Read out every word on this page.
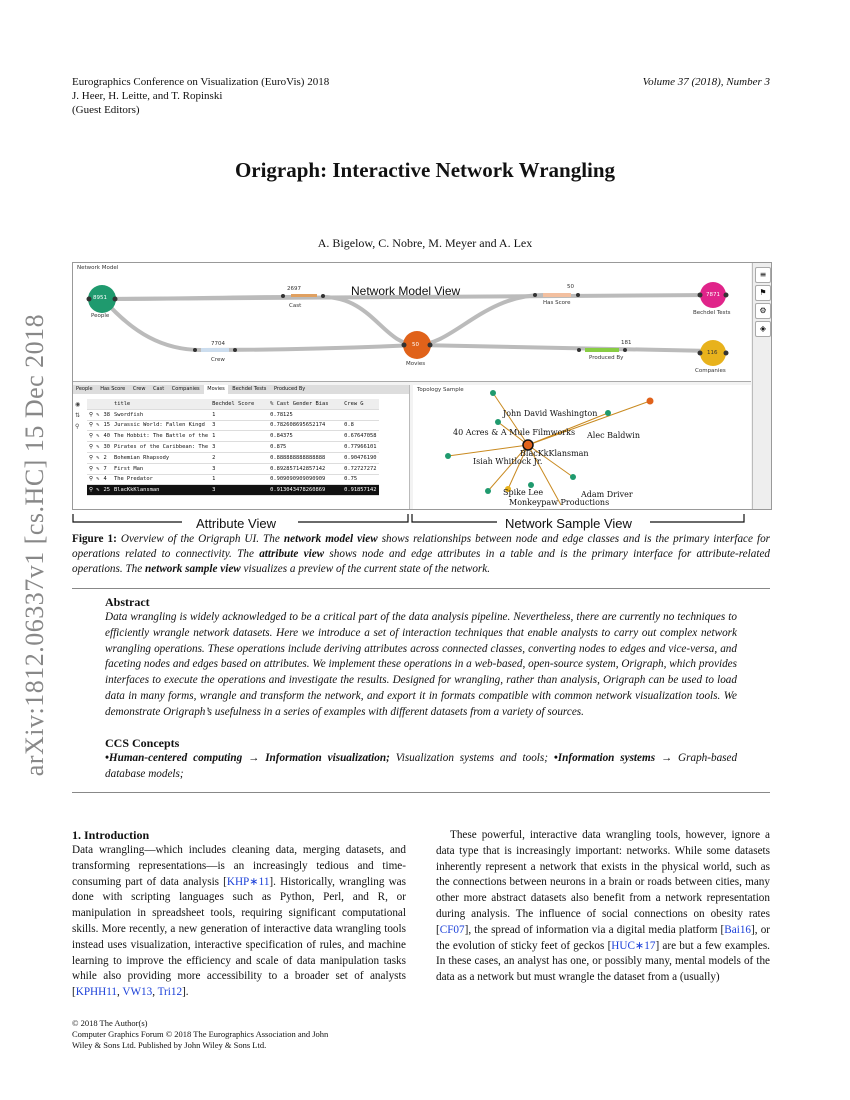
Eurographics Conference on Visualization (EuroVis) 2018
J. Heer, H. Leitte, and T. Ropinski
(Guest Editors)
Volume 37 (2018), Number 3
arXiv:1812.06337v1 [cs.HC] 15 Dec 2018
Origraph: Interactive Network Wrangling
A. Bigelow, C. Nobre, M. Meyer and A. Lex
Network Model
Network Model View
8951
People
7871
Bechdel Tests
50
Movies
116
Companies
2697
Cast
50
Has Score
7704
Crew
181
Produced By
≡
⚑
⚙
◈
People Has Score Crew Cast Companies Movies Bechdel Tests Produced By
◉
⇅
⚲
		title	Bechdel Score	% Cast Gender Bias	Crew G
⚲ ✎	38	Swordfish	1	0.78125	
⚲ ✎	15	Jurassic World: Fallen Kingd	3	0.782608695652174	0.8
⚲ ✎	40	The Hobbit: The Battle of the	1	0.84375	0.67647058
⚲ ✎	30	Pirates of the Caribbean: The	3	0.875	0.77966101
⚲ ✎	2	Bohemian Rhapsody	2	0.888888888888888	0.90476190
⚲ ✎	7	First Man	3	0.892857142857142	0.72727272
⚲ ✎	4	The Predator	1	0.909090909090909	0.75
⚲ ✎	25	BlacKkKlansman	3	0.913043478260869	0.91857142
Topology Sample
John David Washington
40 Acres & A Mule Filmworks Alec Baldwin
BlacKkKlansman
Isiah Whitlock Jr.
Spike Lee	Adam Driver
Monkeypaw Productions
Attribute View	Network Sample View
Figure 1: Overview of the Origraph UI. The network model view shows relationships between node and edge classes and is the primary interface for operations related to connectivity. The attribute view shows node and edge attributes in a table and is the primary interface for attribute-related operations. The network sample view visualizes a preview of the current state of the network.
Abstract
Data wrangling is widely acknowledged to be a critical part of the data analysis pipeline. Nevertheless, there are currently no techniques to efficiently wrangle network datasets. Here we introduce a set of interaction techniques that enable analysts to carry out complex network wrangling operations. These operations include deriving attributes across connected classes, converting nodes to edges and vice-versa, and faceting nodes and edges based on attributes. We implement these operations in a web-based, open-source system, Origraph, which provides interfaces to execute the operations and investigate the results. Designed for wrangling, rather than analysis, Origraph can be used to load data in many forms, wrangle and transform the network, and export it in formats compatible with common network visualization tools. We demonstrate Origraph’s usefulness in a series of examples with different datasets from a variety of sources.
CCS Concepts
•Human-centered computing → Information visualization; Visualization systems and tools; •Information systems → Graph-based database models;
1. Introduction
Data wrangling—which includes cleaning data, merging datasets, and transforming representations—is an increasingly tedious and time-consuming part of data analysis [KHP∗11]. Historically, wrangling was done with scripting languages such as Python, Perl, and R, or manipulation in spreadsheet tools, requiring significant computational skills. More recently, a new generation of interactive data wrangling tools instead uses visualization, interactive specification of rules, and machine learning to improve the efficiency and scale of data manipulation tasks while also providing more accessibility to a broader set of analysts [KPHH11, VW13, Tri12].
These powerful, interactive data wrangling tools, however, ignore a data type that is increasingly important: networks. While some datasets inherently represent a network that exists in the physical world, such as the connections between neurons in a brain or roads between cities, many other more abstract datasets also benefit from a network representation during analysis. The influence of social connections on obesity rates [CF07], the spread of information via a digital media platform [Bai16], or the evolution of sticky feet of geckos [HUC∗17] are but a few examples. In these cases, an analyst has one, or possibly many, mental models of the data as a network but must wrangle the dataset from a (usually)
© 2018 The Author(s)
Computer Graphics Forum © 2018 The Eurographics Association and John
Wiley & Sons Ltd. Published by John Wiley & Sons Ltd.
